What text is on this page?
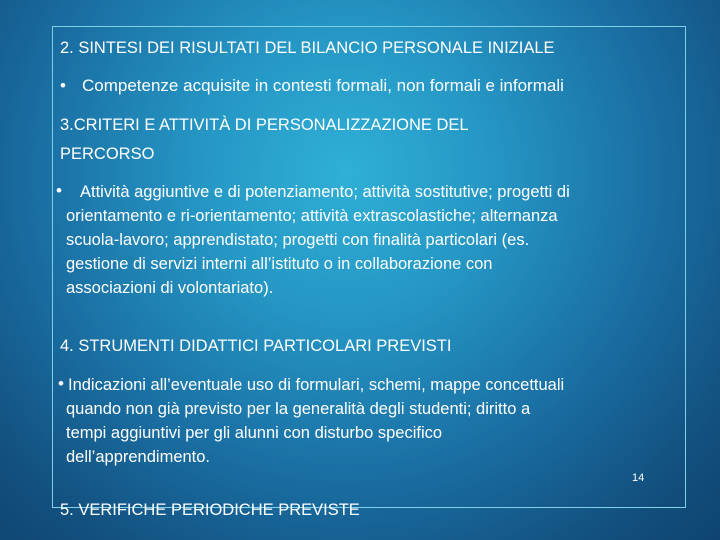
2. SINTESI DEI RISULTATI DEL BILANCIO PERSONALE INIZIALE
• Competenze acquisite in contesti formali, non formali e informali
3.CRITERI E ATTIVITÀ DI PERSONALIZZAZIONE DEL
PERCORSO
•	Attività aggiuntive e di potenziamento; attività sostitutive; progetti di
orientamento e ri-orientamento; attività extrascolastiche; alternanza
scuola-lavoro; apprendistato; progetti con finalità particolari (es.
gestione di servizi interni all’istituto o in collaborazione con
associazioni di volontariato).
4. STRUMENTI DIDATTICI PARTICOLARI PREVISTI
• Indicazioni all’eventuale uso di formulari, schemi, mappe concettuali
quando non già previsto per la generalità degli studenti; diritto a
tempi aggiuntivi per gli alunni con disturbo specifico
dell’apprendimento.
14
5. VERIFICHE PERIODICHE PREVISTE
